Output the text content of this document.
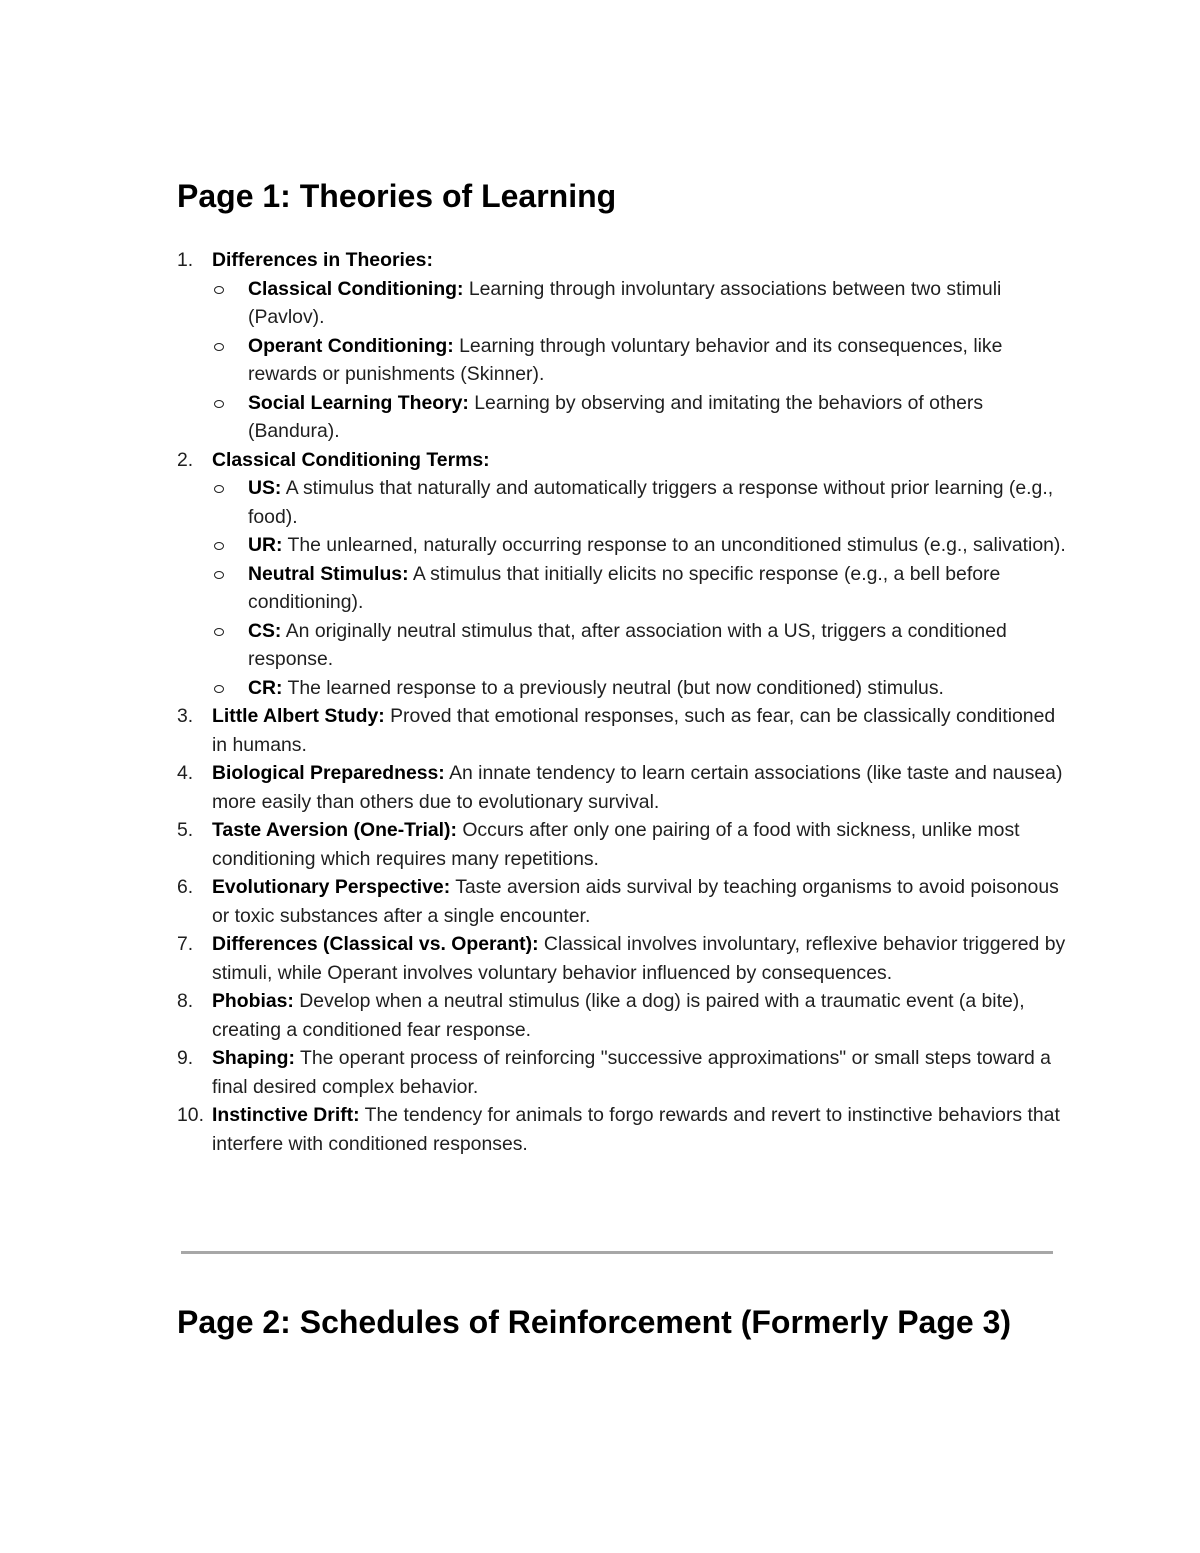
Page 1: Theories of Learning
1. Differences in Theories:
Classical Conditioning: Learning through involuntary associations between two stimuli (Pavlov).
Operant Conditioning: Learning through voluntary behavior and its consequences, like rewards or punishments (Skinner).
Social Learning Theory: Learning by observing and imitating the behaviors of others (Bandura).
2. Classical Conditioning Terms:
US: A stimulus that naturally and automatically triggers a response without prior learning (e.g., food).
UR: The unlearned, naturally occurring response to an unconditioned stimulus (e.g., salivation).
Neutral Stimulus: A stimulus that initially elicits no specific response (e.g., a bell before conditioning).
CS: An originally neutral stimulus that, after association with a US, triggers a conditioned response.
CR: The learned response to a previously neutral (but now conditioned) stimulus.
3. Little Albert Study: Proved that emotional responses, such as fear, can be classically conditioned in humans.
4. Biological Preparedness: An innate tendency to learn certain associations (like taste and nausea) more easily than others due to evolutionary survival.
5. Taste Aversion (One-Trial): Occurs after only one pairing of a food with sickness, unlike most conditioning which requires many repetitions.
6. Evolutionary Perspective: Taste aversion aids survival by teaching organisms to avoid poisonous or toxic substances after a single encounter.
7. Differences (Classical vs. Operant): Classical involves involuntary, reflexive behavior triggered by stimuli, while Operant involves voluntary behavior influenced by consequences.
8. Phobias: Develop when a neutral stimulus (like a dog) is paired with a traumatic event (a bite), creating a conditioned fear response.
9. Shaping: The operant process of reinforcing "successive approximations" or small steps toward a final desired complex behavior.
10. Instinctive Drift: The tendency for animals to forgo rewards and revert to instinctive behaviors that interfere with conditioned responses.
Page 2: Schedules of Reinforcement (Formerly Page 3)
